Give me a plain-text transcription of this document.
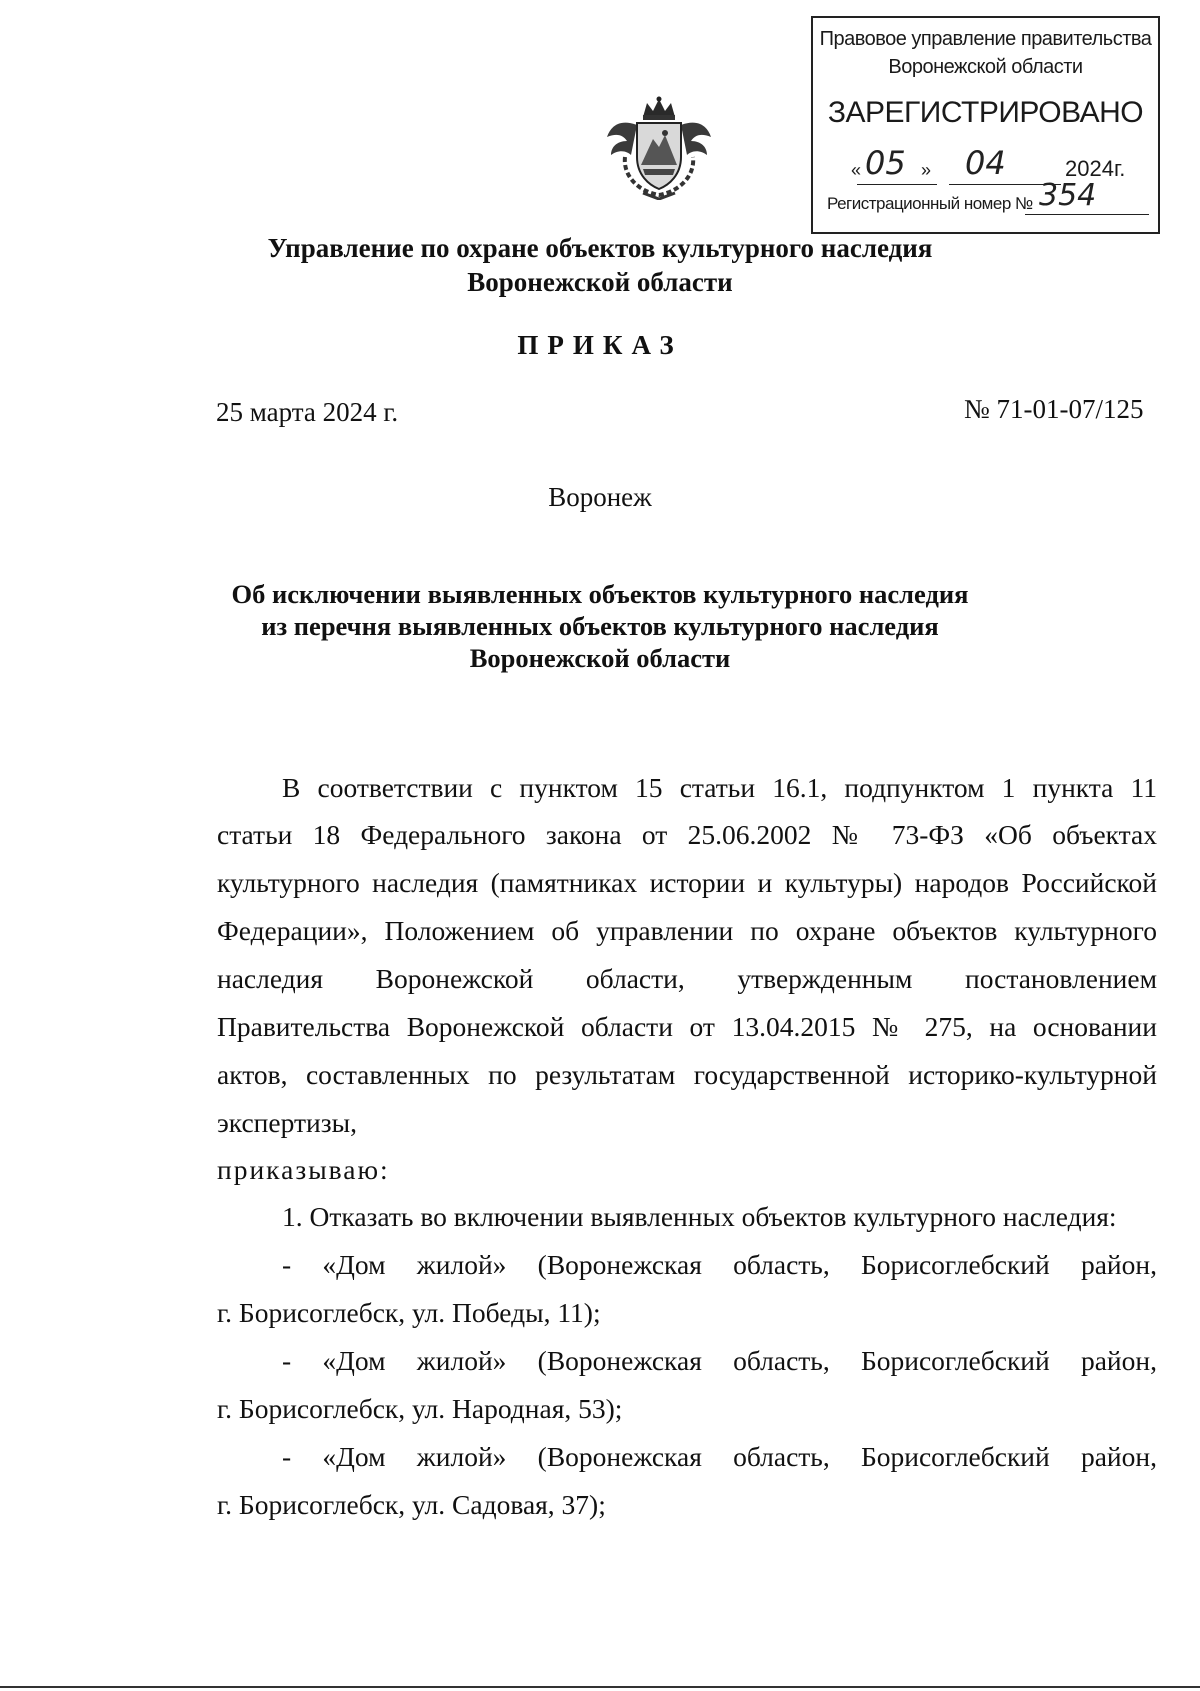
Правовое управление правительства
Воронежской области
ЗАРЕГИСТРИРОВАНО
« 05 » 04	2024г.
Регистрационный номер № 354
Управление по охране объектов культурного наследия
Воронежской области
ПРИКАЗ
25 марта 2024 г.	№ 71-01-07/125
Воронеж
Об исключении выявленных объектов культурного наследия
из перечня выявленных объектов культурного наследия
Воронежской области
В соответствии с пунктом 15 статьи 16.1, подпунктом 1 пункта 11
статьи 18 Федерального закона от 25.06.2002 № 73-ФЗ «Об объектах
культурного наследия (памятниках истории и культуры) народов Российской
Федерации», Положением об управлении по охране объектов культурного
наследия Воронежской области, утвержденным постановлением
Правительства Воронежской области от 13.04.2015 № 275, на основании
актов, составленных по результатам государственной историко-культурной
экспертизы,
приказываю:
1. Отказать во включении выявленных объектов культурного наследия:
- «Дом жилой» (Воронежская область, Борисоглебский район,
г. Борисоглебск, ул. Победы, 11);
- «Дом жилой» (Воронежская область, Борисоглебский район,
г. Борисоглебск, ул. Народная, 53);
- «Дом жилой» (Воронежская область, Борисоглебский район,
г. Борисоглебск, ул. Садовая, 37);
